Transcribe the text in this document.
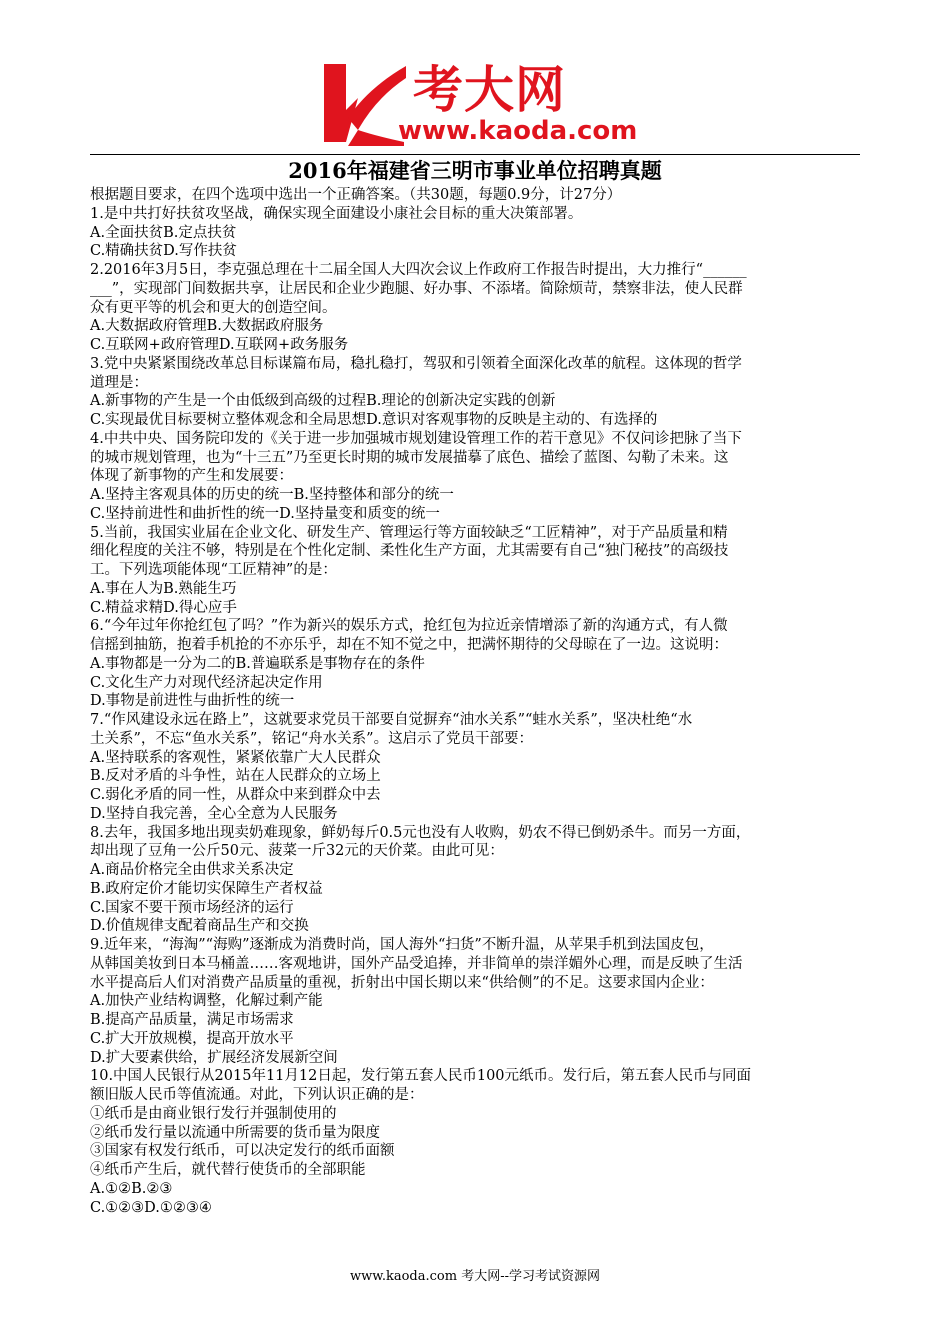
考大网
www.kaoda.com
2016年福建省三明市事业单位招聘真题

根据题目要求，在四个选项中选出一个正确答案。（共30题，每题0.9分，计27分）

1.是中共打好扶贫攻坚战，确保实现全面建设小康社会目标的重大决策部署。

A.全面扶贫B.定点扶贫

C.精确扶贫D.写作扶贫

2.2016年3月5日，李克强总理在十二届全国人大四次会议上作政府工作报告时提出，大力推行“______

___”，实现部门间数据共享，让居民和企业少跑腿、好办事、不添堵。简除烦苛，禁察非法，使人民群

众有更平等的机会和更大的创造空间。

A.大数据政府管理B.大数据政府服务

C.互联网+政府管理D.互联网+政务服务

3.党中央紧紧围绕改革总目标谋篇布局，稳扎稳打，驾驭和引领着全面深化改革的航程。这体现的哲学

道理是：

A.新事物的产生是一个由低级到高级的过程B.理论的创新决定实践的创新

C.实现最优目标要树立整体观念和全局思想D.意识对客观事物的反映是主动的、有选择的

4.中共中央、国务院印发的《关于进一步加强城市规划建设管理工作的若干意见》不仅问诊把脉了当下

的城市规划管理，也为“十三五”乃至更长时期的城市发展描摹了底色、描绘了蓝图、勾勒了未来。这

体现了新事物的产生和发展要：

A.坚持主客观具体的历史的统一B.坚持整体和部分的统一

C.坚持前进性和曲折性的统一D.坚持量变和质变的统一

5.当前，我国实业届在企业文化、研发生产、管理运行等方面较缺乏“工匠精神”，对于产品质量和精

细化程度的关注不够，特别是在个性化定制、柔性化生产方面，尤其需要有自己“独门秘技”的高级技

工。下列选项能体现“工匠精神”的是：

A.事在人为B.熟能生巧

C.精益求精D.得心应手

6.“今年过年你抢红包了吗？”作为新兴的娱乐方式，抢红包为拉近亲情增添了新的沟通方式，有人微

信摇到抽筋，抱着手机抢的不亦乐乎，却在不知不觉之中，把满怀期待的父母晾在了一边。这说明：

A.事物都是一分为二的B.普遍联系是事物存在的条件

C.文化生产力对现代经济起决定作用

D.事物是前进性与曲折性的统一

7.“作风建设永远在路上”，这就要求党员干部要自觉摒弃“油水关系”“蛙水关系”，坚决杜绝“水

土关系”，不忘“鱼水关系”，铭记“舟水关系”。这启示了党员干部要：

A.坚持联系的客观性，紧紧依靠广大人民群众

B.反对矛盾的斗争性，站在人民群众的立场上

C.弱化矛盾的同一性，从群众中来到群众中去

D.坚持自我完善，全心全意为人民服务

8.去年，我国多地出现卖奶难现象，鲜奶每斤0.5元也没有人收购，奶农不得已倒奶杀牛。而另一方面，

却出现了豆角一公斤50元、菠菜一斤32元的天价菜。由此可见：

A.商品价格完全由供求关系决定

B.政府定价才能切实保障生产者权益

C.国家不要干预市场经济的运行

D.价值规律支配着商品生产和交换

9.近年来，“海淘”“海购”逐渐成为消费时尚，国人海外“扫货”不断升温，从苹果手机到法国皮包，

从韩国美妆到日本马桶盖……客观地讲，国外产品受追捧，并非简单的崇洋媚外心理，而是反映了生活

水平提高后人们对消费产品质量的重视，折射出中国长期以来“供给侧”的不足。这要求国内企业：

A.加快产业结构调整，化解过剩产能

B.提高产品质量，满足市场需求

C.扩大开放规模，提高开放水平

D.扩大要素供给，扩展经济发展新空间

10.中国人民银行从2015年11月12日起，发行第五套人民币100元纸币。发行后，第五套人民币与同面

额旧版人民币等值流通。对此，下列认识正确的是：

①纸币是由商业银行发行并强制使用的

②纸币发行量以流通中所需要的货币量为限度

③国家有权发行纸币，可以决定发行的纸币面额

④纸币产生后，就代替行使货币的全部职能

A.①②B.②③

C.①②③D.①②③④

www.kaoda.com 考大网--学习考试资源网
